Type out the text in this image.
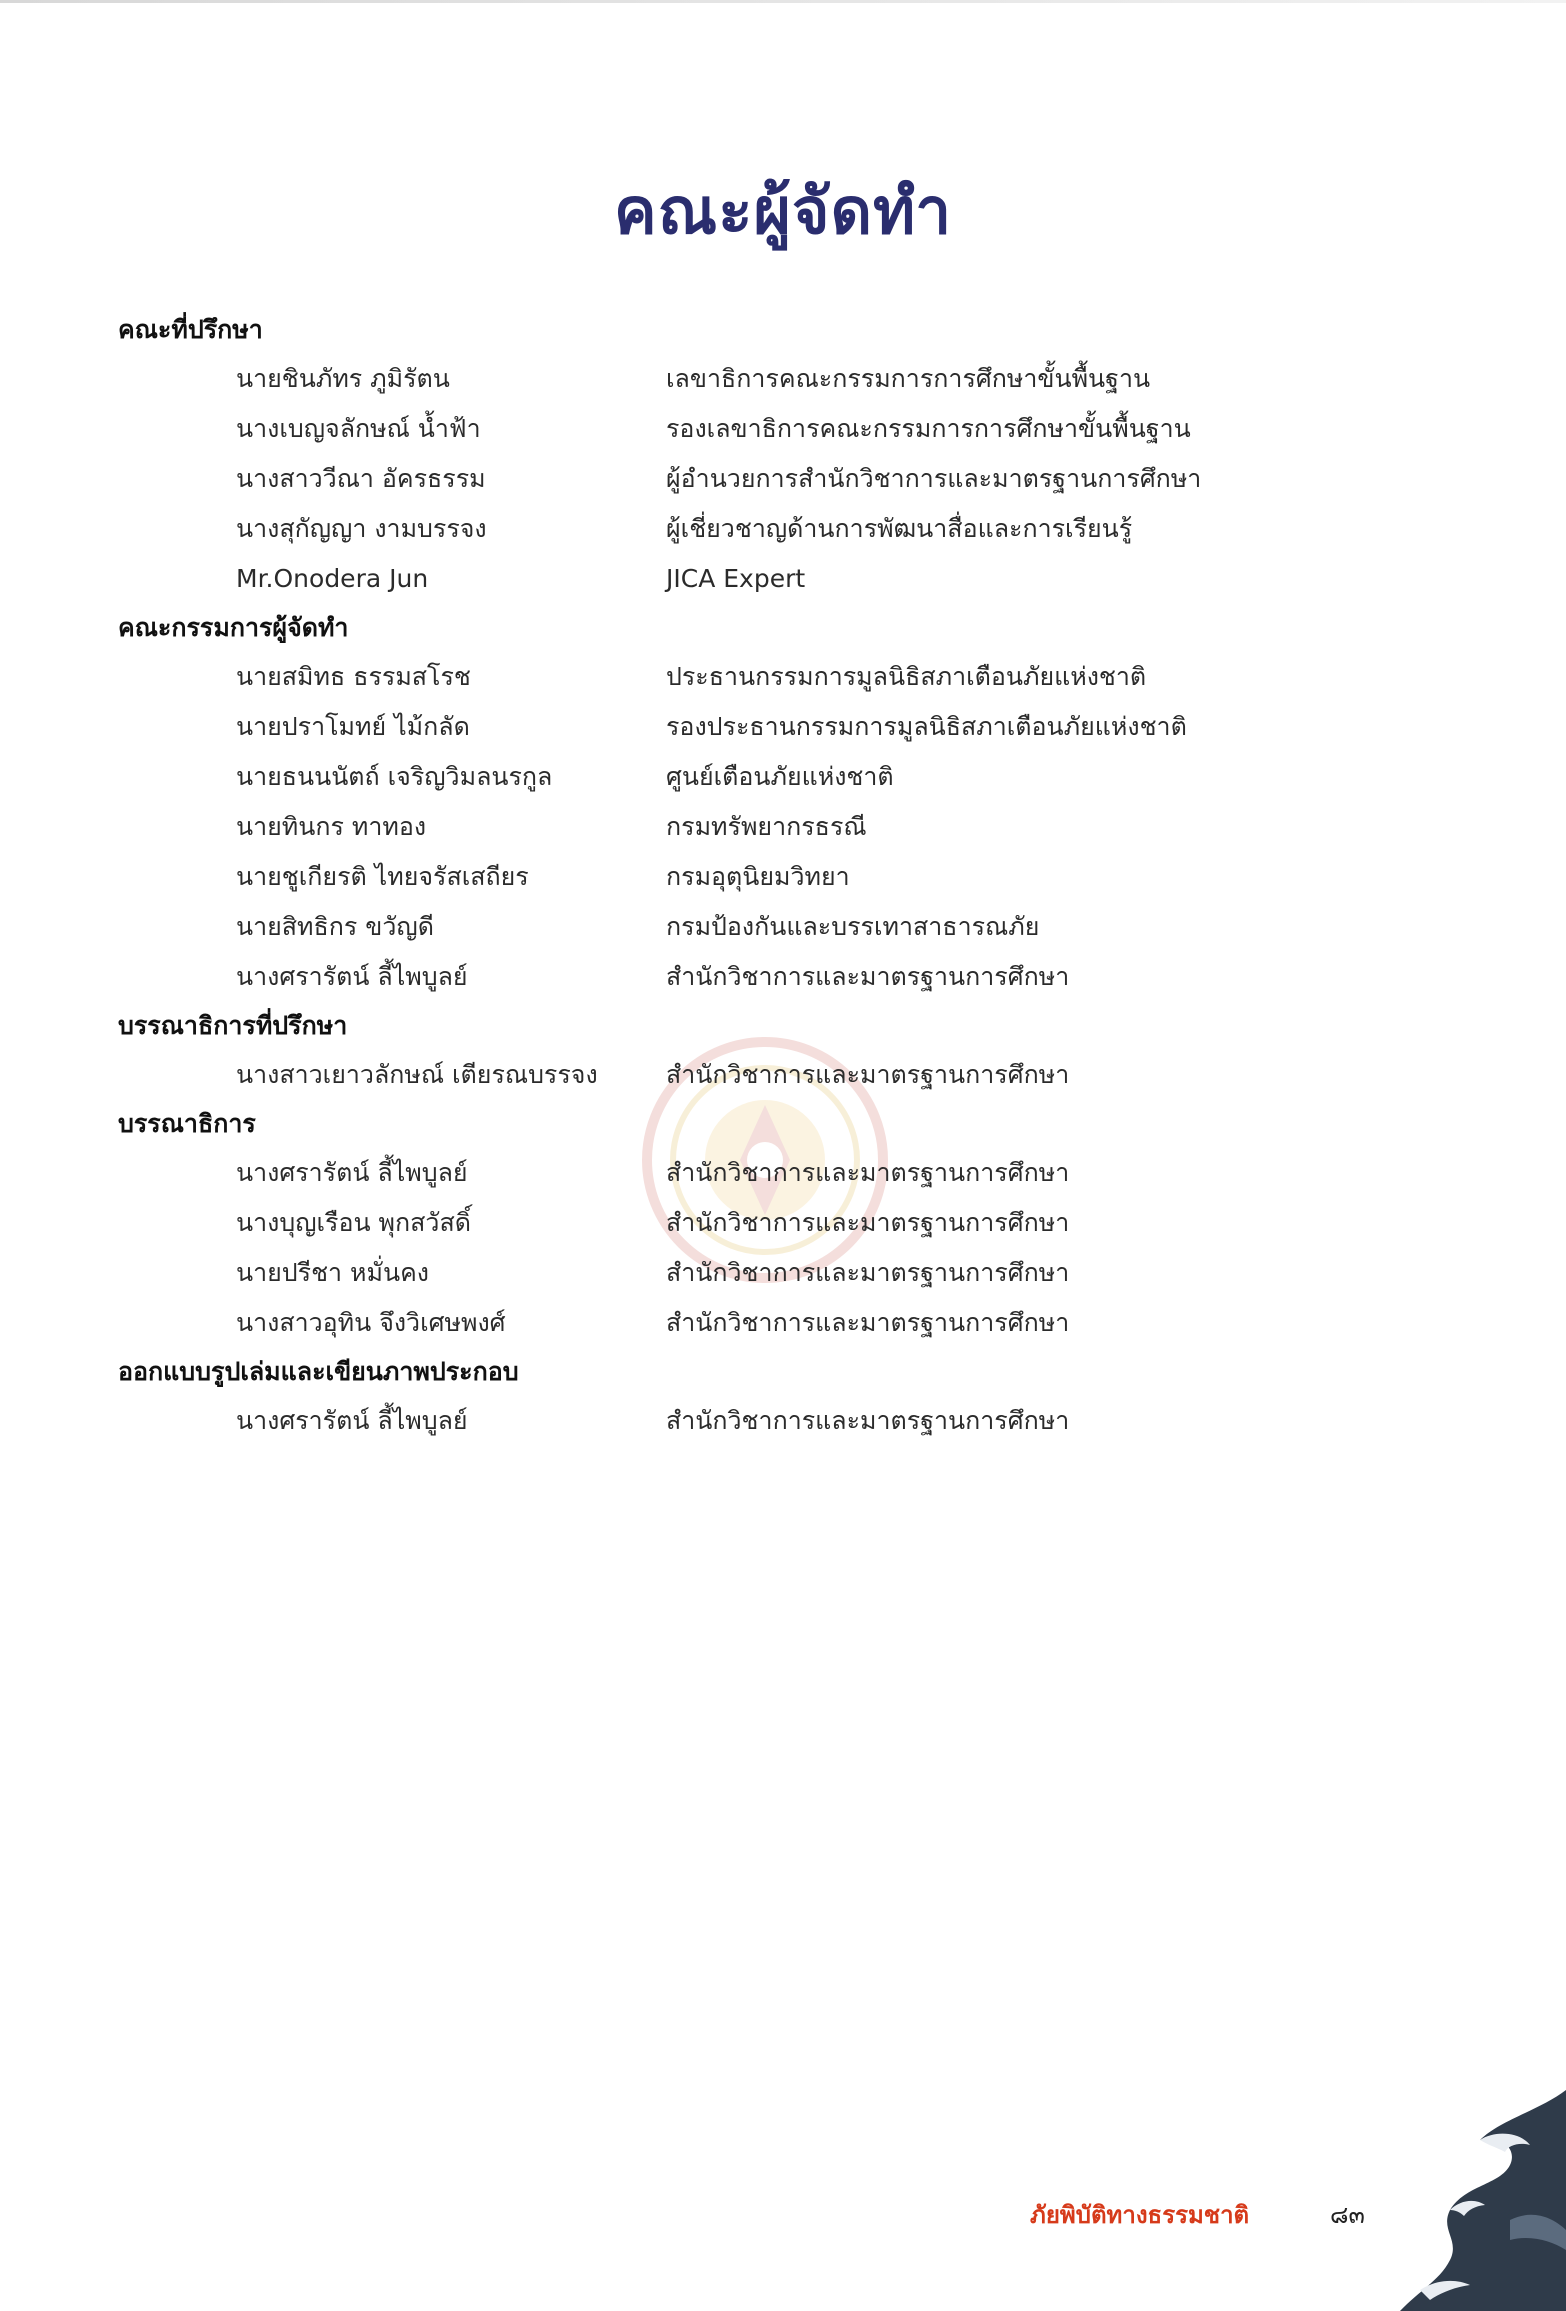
คณะผู้จัดทำ
คณะที่ปรึกษา
นายชินภัทร ภูมิรัตน	เลขาธิการคณะกรรมการการศึกษาขั้นพื้นฐาน
นางเบญจลักษณ์ น้ำฟ้า	รองเลขาธิการคณะกรรมการการศึกษาขั้นพื้นฐาน
นางสาววีณา อัครธรรม	ผู้อำนวยการสำนักวิชาการและมาตรฐานการศึกษา
นางสุกัญญา งามบรรจง	ผู้เชี่ยวชาญด้านการพัฒนาสื่อและการเรียนรู้
Mr.Onodera Jun	JICA Expert
คณะกรรมการผู้จัดทำ
นายสมิทธ ธรรมสโรช	ประธานกรรมการมูลนิธิสภาเตือนภัยแห่งชาติ
นายปราโมทย์ ไม้กลัด	รองประธานกรรมการมูลนิธิสภาเตือนภัยแห่งชาติ
นายธนนนัตถ์ เจริญวิมลนรกูล	ศูนย์เตือนภัยแห่งชาติ
นายทินกร ทาทอง	กรมทรัพยากรธรณี
นายชูเกียรติ ไทยจรัสเสถียร	กรมอุตุนิยมวิทยา
นายสิทธิกร ขวัญดี	กรมป้องกันและบรรเทาสาธารณภัย
นางศรารัตน์ ลี้ไพบูลย์	สำนักวิชาการและมาตรฐานการศึกษา
บรรณาธิการที่ปรึกษา
นางสาวเยาวลักษณ์ เตียรณบรรจง	สำนักวิชาการและมาตรฐานการศึกษา
บรรณาธิการ
นางศรารัตน์ ลี้ไพบูลย์	สำนักวิชาการและมาตรฐานการศึกษา
นางบุญเรือน พุกสวัสดิ์	สำนักวิชาการและมาตรฐานการศึกษา
นายปรีชา หมั่นคง	สำนักวิชาการและมาตรฐานการศึกษา
นางสาวอุทิน จึงวิเศษพงศ์	สำนักวิชาการและมาตรฐานการศึกษา
ออกแบบรูปเล่มและเขียนภาพประกอบ
นางศรารัตน์ ลี้ไพบูลย์	สำนักวิชาการและมาตรฐานการศึกษา
ภัยพิบัติทางธรรมชาติ	๘๓
